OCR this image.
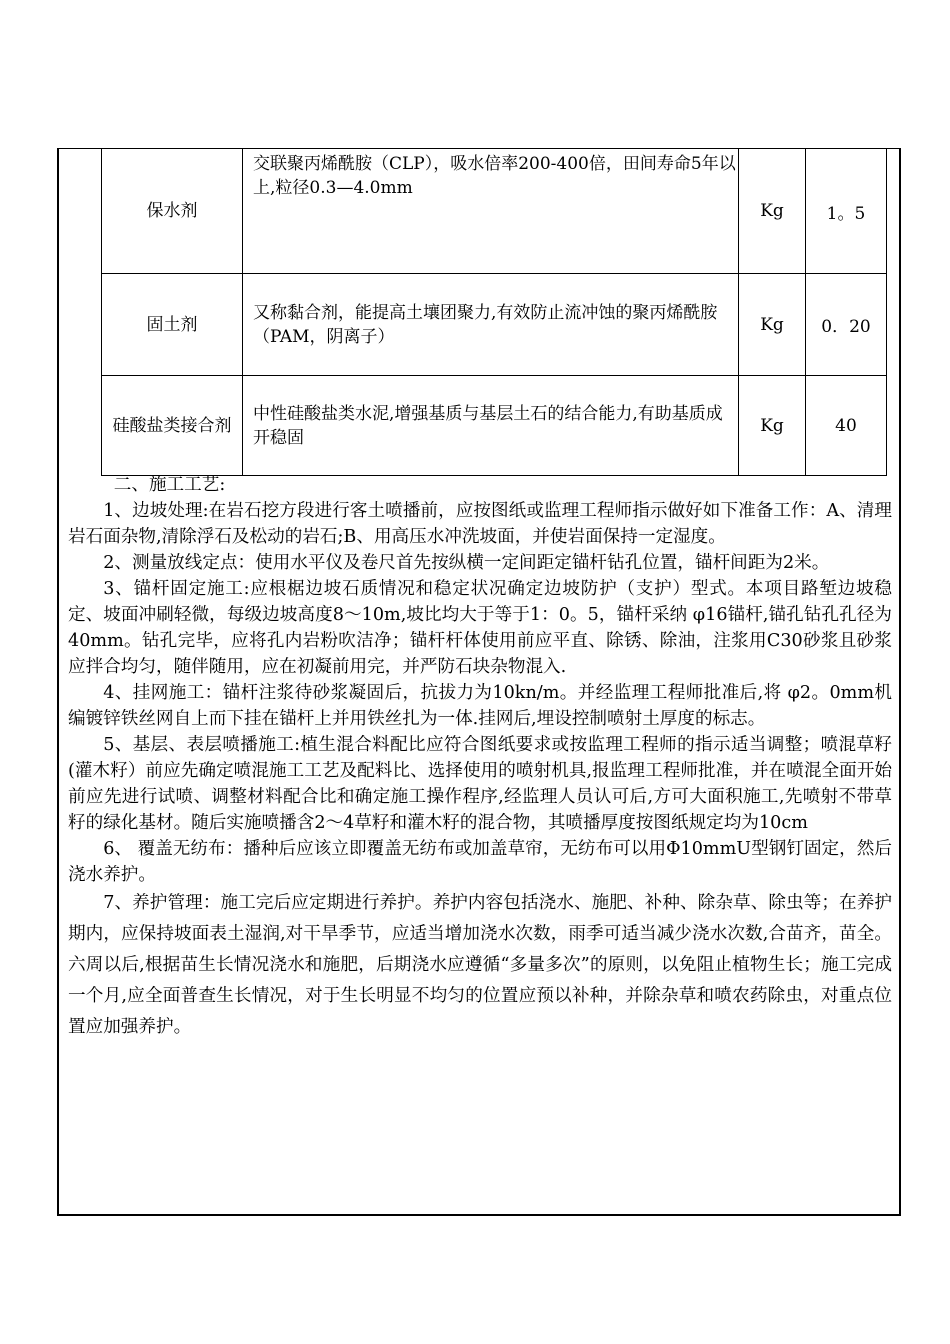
保水剂	交联聚丙烯酰胺（CLP），吸水倍率200-400倍，田间寿命5年以上,粒径0.3—4.0mm	Kg	1。5
固土剂	又称黏合剂，能提高土壤团聚力,有效防止流冲蚀的聚丙烯酰胺（PAM，阴离子）	Kg	0．20
硅酸盐类接合剂	中性硅酸盐类水泥,增强基质与基层土石的结合能力,有助基质成开稳固	Kg	40

二、施工工艺:

1、边坡处理:在岩石挖方段进行客土喷播前，应按图纸或监理工程师指示做好如下准备工作：A、清理岩石面杂物,清除浮石及松动的岩石;B、用高压水冲洗坡面，并使岩面保持一定湿度。

2、测量放线定点：使用水平仪及卷尺首先按纵横一定间距定锚杆钻孔位置，锚杆间距为2米。

3、锚杆固定施工:应根椐边坡石质情况和稳定状况确定边坡防护（支护）型式。本项目路堑边坡稳定、坡面冲刷轻微，每级边坡高度8～10m,坡比均大于等于1：0。5，锚杆采纳 φ16锚杆,锚孔钻孔孔径为40mm。钻孔完毕，应将孔内岩粉吹洁净；锚杆杆体使用前应平直、除锈、除油，注浆用C30砂浆且砂浆应拌合均匀，随伴随用，应在初凝前用完，并严防石块杂物混入.

4、挂网施工：锚杆注浆待砂浆凝固后，抗拔力为10kn/m。并经监理工程师批准后,将 φ2。0mm机编镀锌铁丝网自上而下挂在锚杆上并用铁丝扎为一体.挂网后,埋设控制喷射土厚度的标志。

5、基层、表层喷播施工:植生混合料配比应符合图纸要求或按监理工程师的指示适当调整；喷混草籽(灌木籽）前应先确定喷混施工工艺及配料比、选择使用的喷射机具,报监理工程师批准，并在喷混全面开始前应先进行试喷、调整材料配合比和确定施工操作程序,经监理人员认可后,方可大面积施工,先喷射不带草籽的绿化基材。随后实施喷播含2～4草籽和灌木籽的混合物，其喷播厚度按图纸规定均为10cm

6、 覆盖无纺布：播种后应该立即覆盖无纺布或加盖草帘，无纺布可以用Φ10mmU型钢钉固定，然后浇水养护。

7、养护管理：施工完后应定期进行养护。养护内容包括浇水、施肥、补种、除杂草、除虫等；在养护期内，应保持坡面表土湿润,对干旱季节，应适当增加浇水次数，雨季可适当减少浇水次数,合苗齐，苗全。六周以后,根据苗生长情况浇水和施肥，后期浇水应遵循“多量多次”的原则，以免阻止植物生长；施工完成一个月,应全面普查生长情况，对于生长明显不均匀的位置应预以补种，并除杂草和喷农药除虫，对重点位置应加强养护。
